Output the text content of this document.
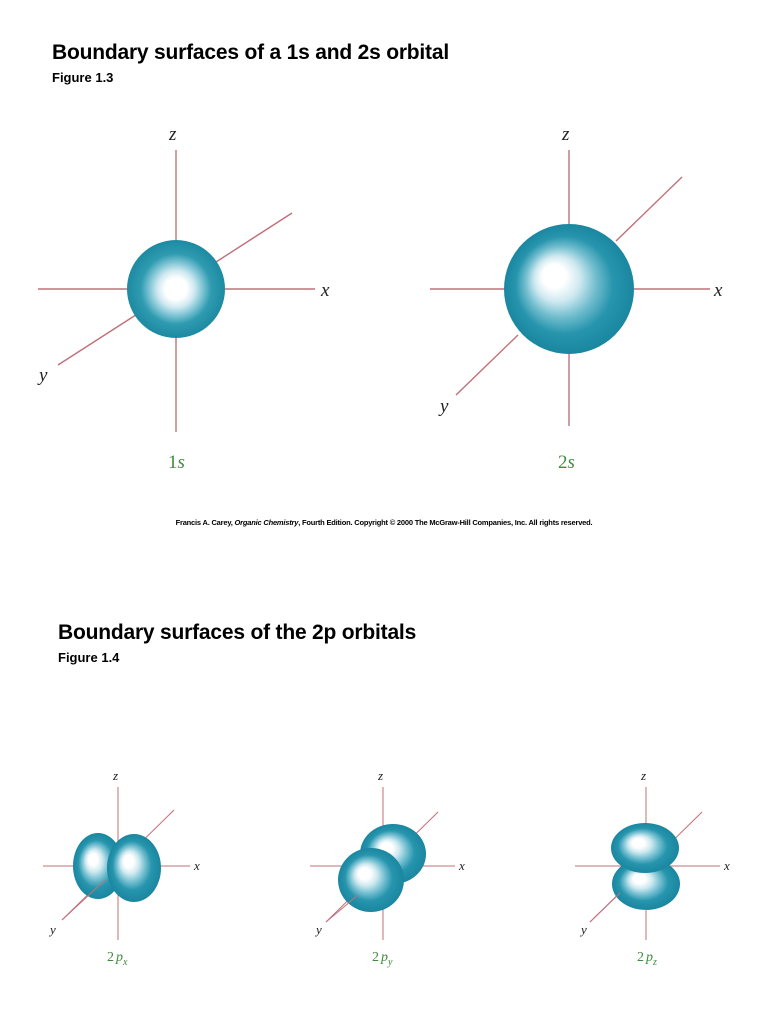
Boundary surfaces of a 1s and 2s orbital
Figure 1.3
Boundary surfaces of the 2p orbitals
Figure 1.4
Francis A. Carey, Organic Chemistry, Fourth Edition. Copyright © 2000 The McGraw-Hill Companies, Inc. All rights reserved.
z
x
y
1s
z
x
y
2s
z
x
y
2 $p_x$
z
x
y
2 $p_y$
z
x
y
2 $p_z$
